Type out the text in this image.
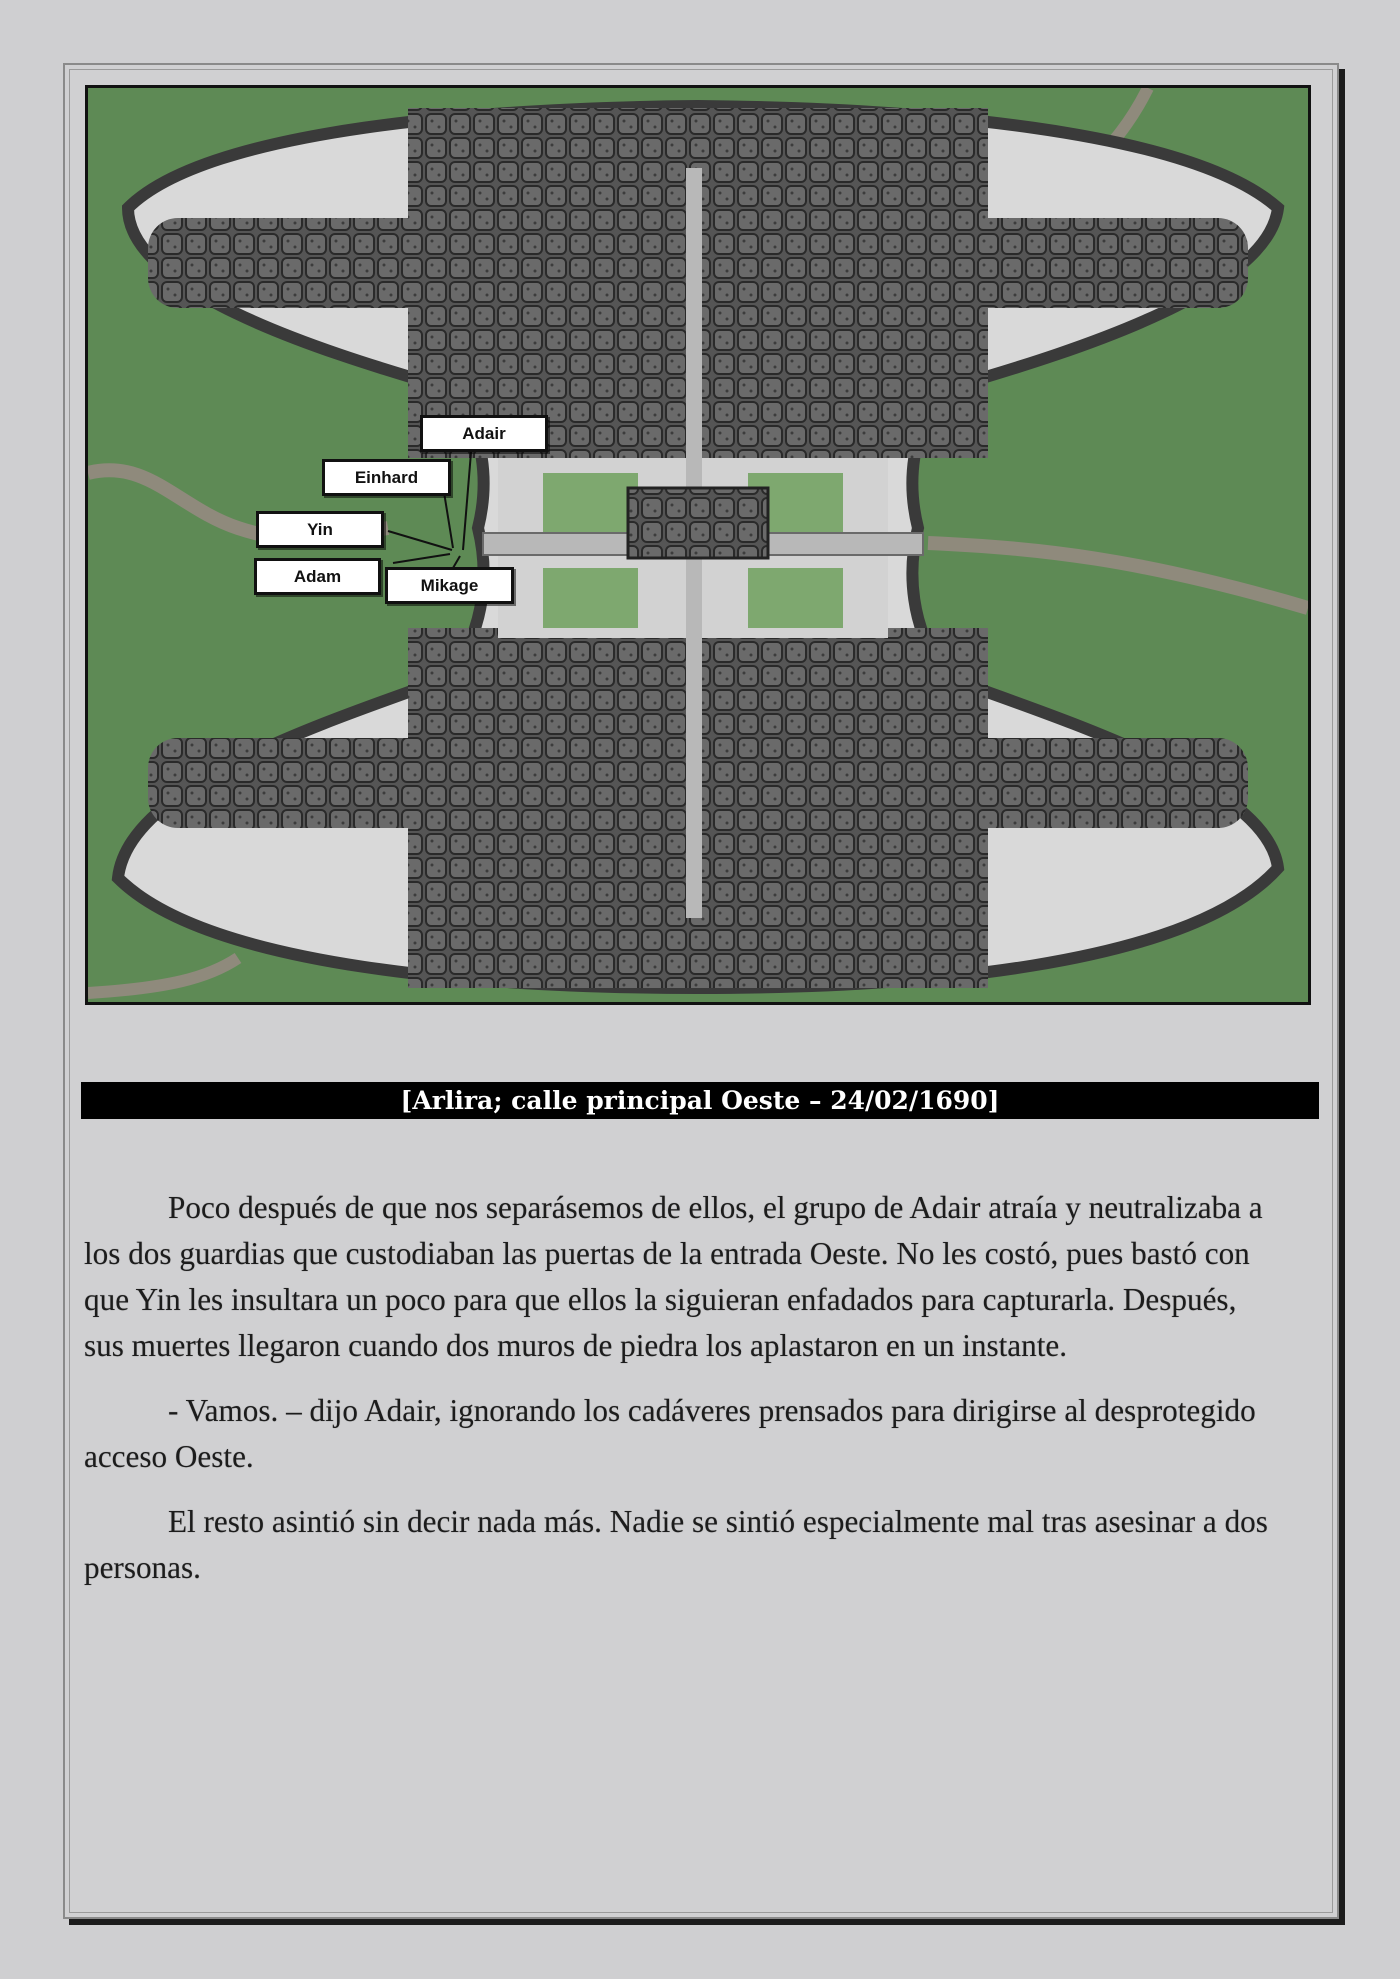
Adair
Einhard
Yin
Adam	Mikage
[Arlira; calle principal Oeste – 24/02/1690]

Poco después de que nos separásemos de ellos, el grupo de Adair atraía y neutralizaba a los dos guardias que custodiaban las puertas de la entrada Oeste. No les costó, pues bastó con que Yin les insultara un poco para que ellos la siguieran enfadados para capturarla. Después, sus muertes llegaron cuando dos muros de piedra los aplastaron en un instante.

- Vamos. – dijo Adair, ignorando los cadáveres prensados para dirigirse al desprotegido acceso Oeste.

El resto asintió sin decir nada más. Nadie se sintió especialmente mal tras asesinar a dos personas.
